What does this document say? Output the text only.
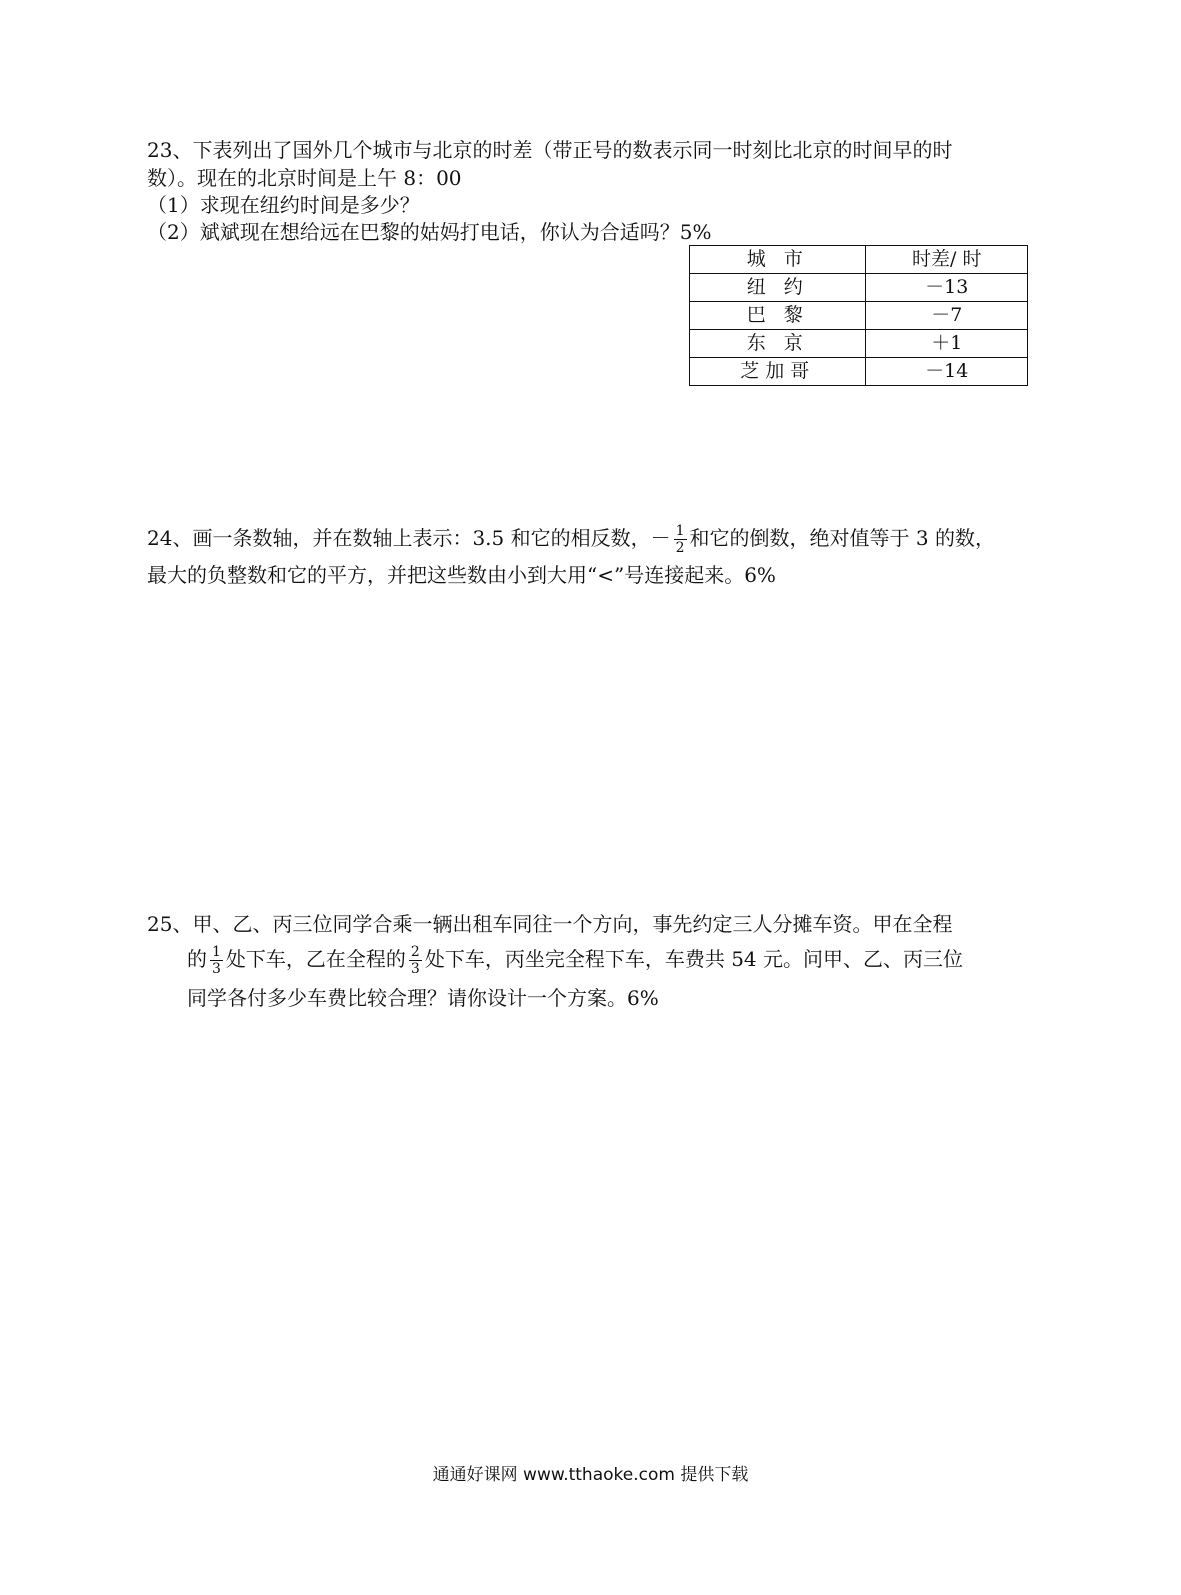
23、下表列出了国外几个城市与北京的时差（带正号的数表示同一时刻比北京的时间早的时
数）。现在的北京时间是上午 8：00
（1）求现在纽约时间是多少？
（2）斌斌现在想给远在巴黎的姑妈打电话，你认为合适吗？5%
城 市	时差/ 时
纽 约	－13
巴 黎	－7
东 京	＋1
芝加哥	－14
24、画一条数轴，并在数轴上表示：3.5 和它的相反数，－ $\frac{1}{2}$ 和它的倒数，绝对值等于 3 的数，
最大的负整数和它的平方，并把这些数由小到大用“<”号连接起来。6%
25、甲、乙、丙三位同学合乘一辆出租车同往一个方向，事先约定三人分摊车资。甲在全程
的 $\frac{1}{3}$ 处下车，乙在全程的 $\frac{2}{3}$ 处下车，丙坐完全程下车，车费共 54 元。问甲、乙、丙三位
同学各付多少车费比较合理？请你设计一个方案。6%
通通好课网 www.tthaoke.com 提供下载
